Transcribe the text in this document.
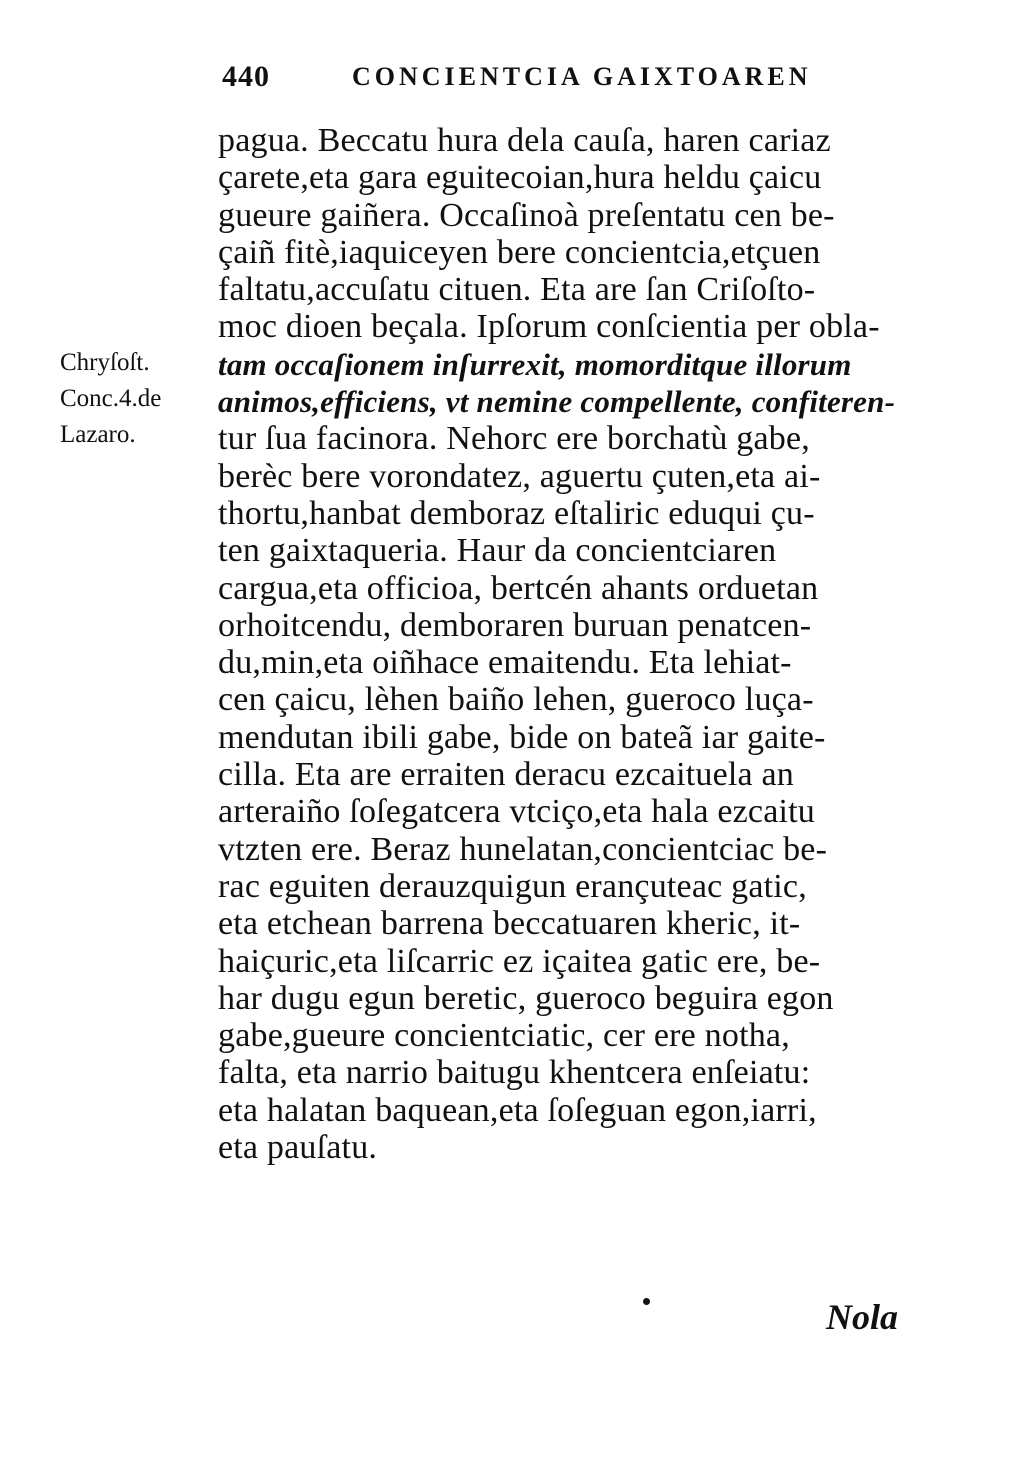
440	CONCIENTCIA GAIXTOAREN
Chryſoſt.
Conc.4.de
Lazaro.
pagua. Beccatu hura dela cauſa, haren cariaz
çarete,eta gara eguitecoian,hura heldu çaicu
gueure gaiñera. Occaſinoà preſentatu cen be-
çaiñ fitè,iaquiceyen bere concientcia,etçuen
faltatu,accuſatu cituen. Eta are ſan Criſoſto-
moc dioen beçala. Ipſorum conſcientia per obla-
tam occaſionem inſurrexit, momorditque illorum
animos,efficiens, vt nemine compellente, confiteren-
tur ſua facinora. Nehorc ere borchatù gabe,
berèc bere vorondatez, aguertu çuten,eta ai-
thortu,hanbat demboraz eſtaliric eduqui çu-
ten gaixtaqueria. Haur da concientciaren
cargua,eta officioa, bertcén ahants orduetan
orhoitcendu, demboraren buruan penatcen-
du,min,eta oiñhace emaitendu. Eta lehiat-
cen çaicu, lèhen baiño lehen, gueroco luça-
mendutan ibili gabe, bide on bateã iar gaite-
cilla. Eta are erraiten deracu ezcaituela an
arteraiño ſoſegatcera vtciço,eta hala ezcaitu
vtzten ere. Beraz hunelatan,concientciac be-
rac eguiten derauzquigun erançuteac gatic,
eta etchean barrena beccatuaren kheric, it-
haiçuric,eta liſcarric ez içaitea gatic ere, be-
har dugu egun beretic, gueroco beguira egon
gabe,gueure concientciatic, cer ere notha,
falta, eta narrio baitugu khentcera enſeiatu:
eta halatan baquean,eta ſoſeguan egon,iarri,
eta pauſatu.
Nola
